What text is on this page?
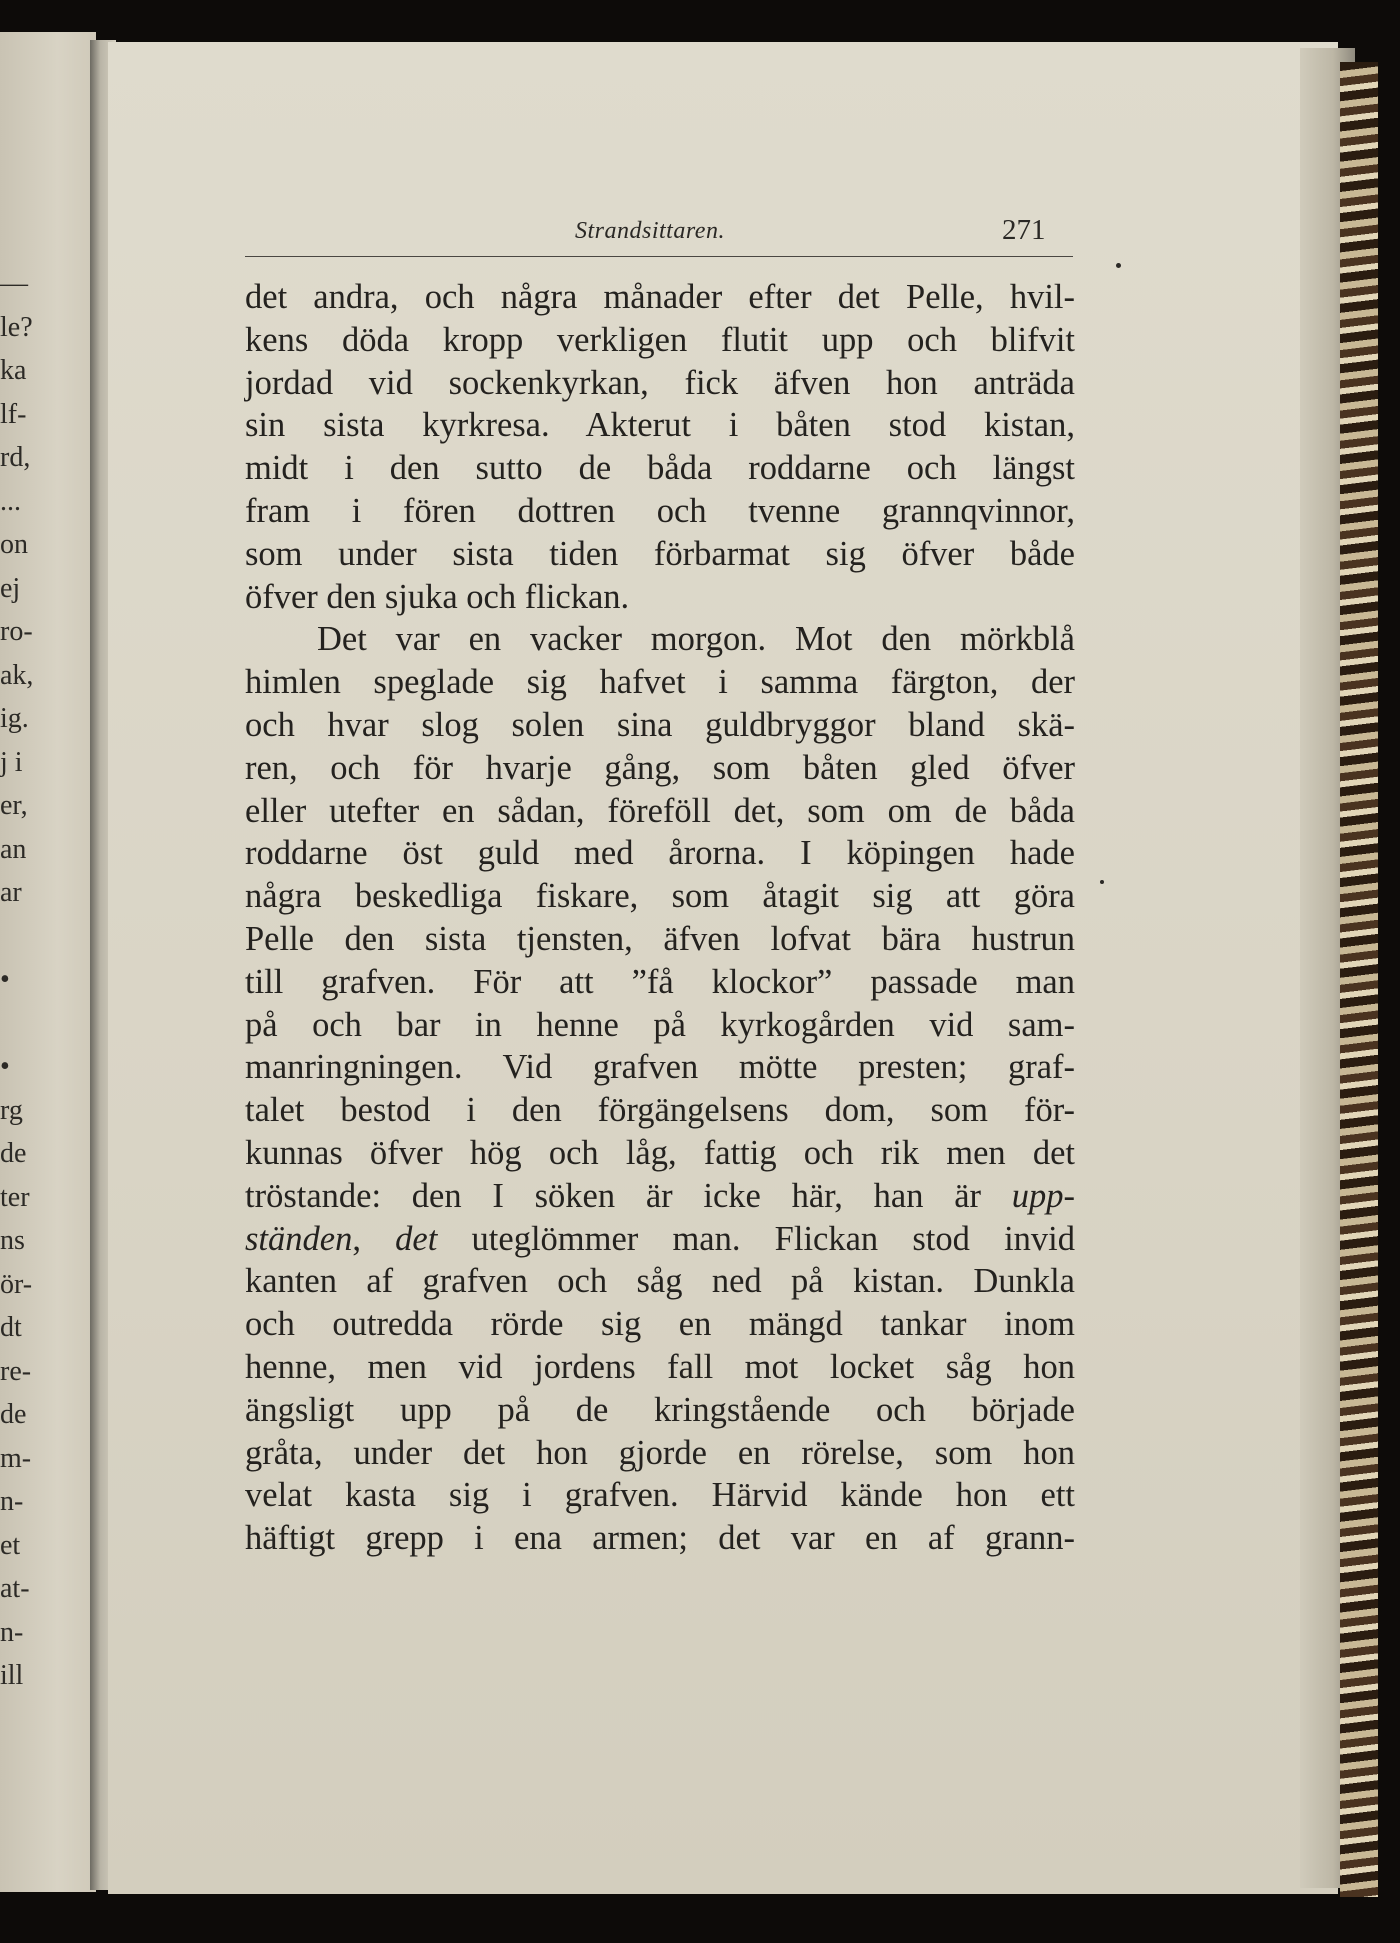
—
le?
ka
lf-
rd,
...
on
ej
ro-
ak,
ig.
j i
er,
an
ar
•
•
rg
de
ter
ns
ör-
dt
re-
de
m-
n-
et
at-
n-
ill
Strandsittaren.	271
det andra, och några månader efter det Pelle, hvil-
kens döda kropp verkligen flutit upp och blifvit
jordad vid sockenkyrkan, fick äfven hon anträda
sin sista kyrkresa. Akterut i båten stod kistan,
midt i den sutto de båda roddarne och längst
fram i fören dottren och tvenne grannqvinnor,
som under sista tiden förbarmat sig öfver både
öfver den sjuka och flickan.
Det var en vacker morgon. Mot den mörkblå
himlen speglade sig hafvet i samma färgton, der
och hvar slog solen sina guldbryggor bland skä-
ren, och för hvarje gång, som båten gled öfver
eller utefter en sådan, föreföll det, som om de båda
roddarne öst guld med årorna. I köpingen hade
några beskedliga fiskare, som åtagit sig att göra
Pelle den sista tjensten, äfven lofvat bära hustrun
till grafven. För att ”få klockor” passade man
på och bar in henne på kyrkogården vid sam-
manringningen. Vid grafven mötte presten; graf-
talet bestod i den förgängelsens dom, som för-
kunnas öfver hög och låg, fattig och rik men det
tröstande: den I söken är icke här, han är upp-
ständen, det uteglömmer man. Flickan stod invid
kanten af grafven och såg ned på kistan. Dunkla
och outredda rörde sig en mängd tankar inom
henne, men vid jordens fall mot locket såg hon
ängsligt upp på de kringstående och började
gråta, under det hon gjorde en rörelse, som hon
velat kasta sig i grafven. Härvid kände hon ett
häftigt grepp i ena armen; det var en af grann-
